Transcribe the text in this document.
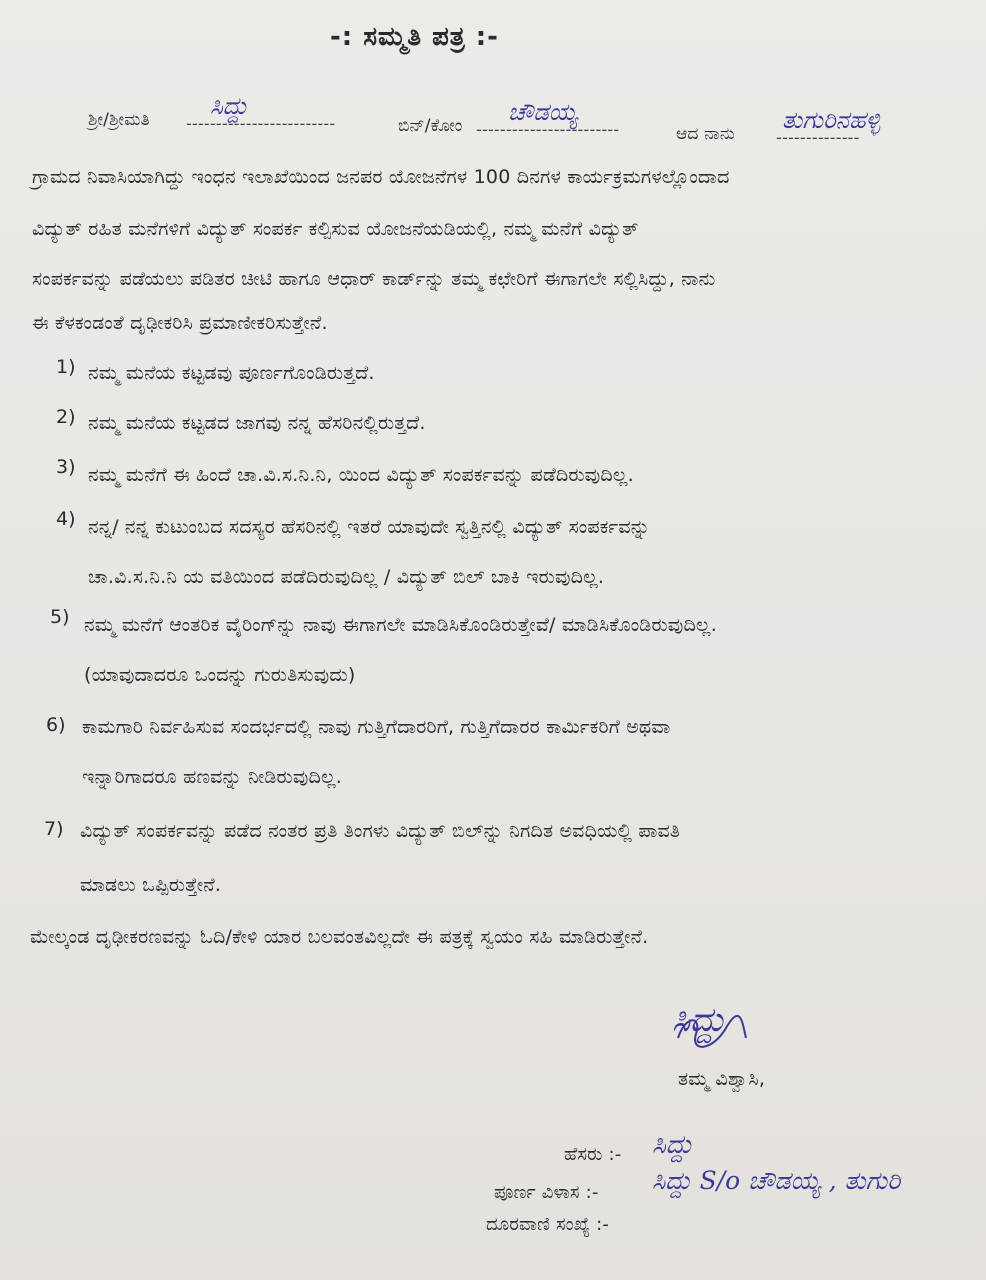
-: ಸಮ್ಮತಿ ಪತ್ರ :-
ಶ್ರೀ/ಶ್ರೀಮತಿ -------------------------
ಸಿದ್ದು
ಬಿನ್/ಕೋಂ ------------------------
ಚೌಡಯ್ಯ
ಆದ ನಾನು	--------------
ತುಗುರಿನಹಳ್ಳಿ
ಗ್ರಾಮದ ನಿವಾಸಿಯಾಗಿದ್ದು ಇಂಧನ ಇಲಾಖೆಯಿಂದ ಜನಪರ ಯೋಜನೆಗಳ 100 ದಿನಗಳ ಕಾರ್ಯಕ್ರಮಗಳಲ್ಲೊಂದಾದ
ವಿದ್ಯುತ್ ರಹಿತ ಮನೆಗಳಿಗೆ ವಿದ್ಯುತ್ ಸಂಪರ್ಕ ಕಲ್ಪಿಸುವ ಯೋಜನೆಯಡಿಯಲ್ಲಿ, ನಮ್ಮ ಮನೆಗೆ ವಿದ್ಯುತ್
ಸಂಪರ್ಕವನ್ನು ಪಡೆಯಲು ಪಡಿತರ ಚೀಟಿ ಹಾಗೂ ಆಧಾರ್ ಕಾರ್ಡ್‌ನ್ನು ತಮ್ಮ ಕಛೇರಿಗೆ ಈಗಾಗಲೇ ಸಲ್ಲಿಸಿದ್ದು, ನಾನು
ಈ ಕೆಳಕಂಡಂತೆ ದೃಢೀಕರಿಸಿ ಪ್ರಮಾಣೀಕರಿಸುತ್ತೇನೆ.
1) ನಮ್ಮ ಮನೆಯ ಕಟ್ಟಡವು ಪೂರ್ಣಗೊಂಡಿರುತ್ತದೆ.
2) ನಮ್ಮ ಮನೆಯ ಕಟ್ಟಡದ ಜಾಗವು ನನ್ನ ಹೆಸರಿನಲ್ಲಿರುತ್ತದೆ.
3) ನಮ್ಮ ಮನೆಗೆ ಈ ಹಿಂದೆ ಚಾ.ವಿ.ಸ.ನಿ.ನಿ, ಯಿಂದ ವಿದ್ಯುತ್ ಸಂಪರ್ಕವನ್ನು ಪಡೆದಿರುವುದಿಲ್ಲ.
4) ನನ್ನ/ ನನ್ನ ಕುಟುಂಬದ ಸದಸ್ಯರ ಹೆಸರಿನಲ್ಲಿ ಇತರೆ ಯಾವುದೇ ಸ್ವತ್ತಿನಲ್ಲಿ ವಿದ್ಯುತ್ ಸಂಪರ್ಕವನ್ನು
ಚಾ.ವಿ.ಸ.ನಿ.ನಿ ಯ ವತಿಯಿಂದ ಪಡೆದಿರುವುದಿಲ್ಲ / ವಿದ್ಯುತ್ ಬಿಲ್ ಬಾಕಿ ಇರುವುದಿಲ್ಲ.
5) ನಮ್ಮ ಮನೆಗೆ ಆಂತರಿಕ ವೈರಿಂಗ್‌ನ್ನು ನಾವು ಈಗಾಗಲೇ ಮಾಡಿಸಿಕೊಂಡಿರುತ್ತೇವೆ/ ಮಾಡಿಸಿಕೊಂಡಿರುವುದಿಲ್ಲ.
(ಯಾವುದಾದರೂ ಒಂದನ್ನು ಗುರುತಿಸುವುದು)
6) ಕಾಮಗಾರಿ ನಿರ್ವಹಿಸುವ ಸಂದರ್ಭದಲ್ಲಿ ನಾವು ಗುತ್ತಿಗೆದಾರರಿಗೆ, ಗುತ್ತಿಗೆದಾರರ ಕಾರ್ಮಿಕರಿಗೆ ಅಥವಾ
ಇನ್ನಾರಿಗಾದರೂ ಹಣವನ್ನು ನೀಡಿರುವುದಿಲ್ಲ.
7) ವಿದ್ಯುತ್ ಸಂಪರ್ಕವನ್ನು ಪಡೆದ ನಂತರ ಪ್ರತಿ ತಿಂಗಳು ವಿದ್ಯುತ್ ಬಿಲ್‌ನ್ನು ನಿಗದಿತ ಅವಧಿಯಲ್ಲಿ ಪಾವತಿ
ಮಾಡಲು ಒಪ್ಪಿರುತ್ತೇನೆ.
ಮೇಲ್ಕಂಡ ದೃಢೀಕರಣವನ್ನು ಓದಿ/ಕೇಳಿ ಯಾರ ಬಲವಂತವಿಲ್ಲದೇ ಈ ಪತ್ರಕ್ಕೆ ಸ್ವಯಂ ಸಹಿ ಮಾಡಿರುತ್ತೇನೆ.
ಸಿದ್ದು
ತಮ್ಮ ವಿಶ್ವಾಸಿ,
ಹೆಸರು :- ಸಿದ್ದು
ಪೂರ್ಣ ವಿಳಾಸ :- ಸಿದ್ದು S/o ಚೌಡಯ್ಯ , ತುಗುರಿ
ದೂರವಾಣಿ ಸಂಖ್ಯೆ :-
